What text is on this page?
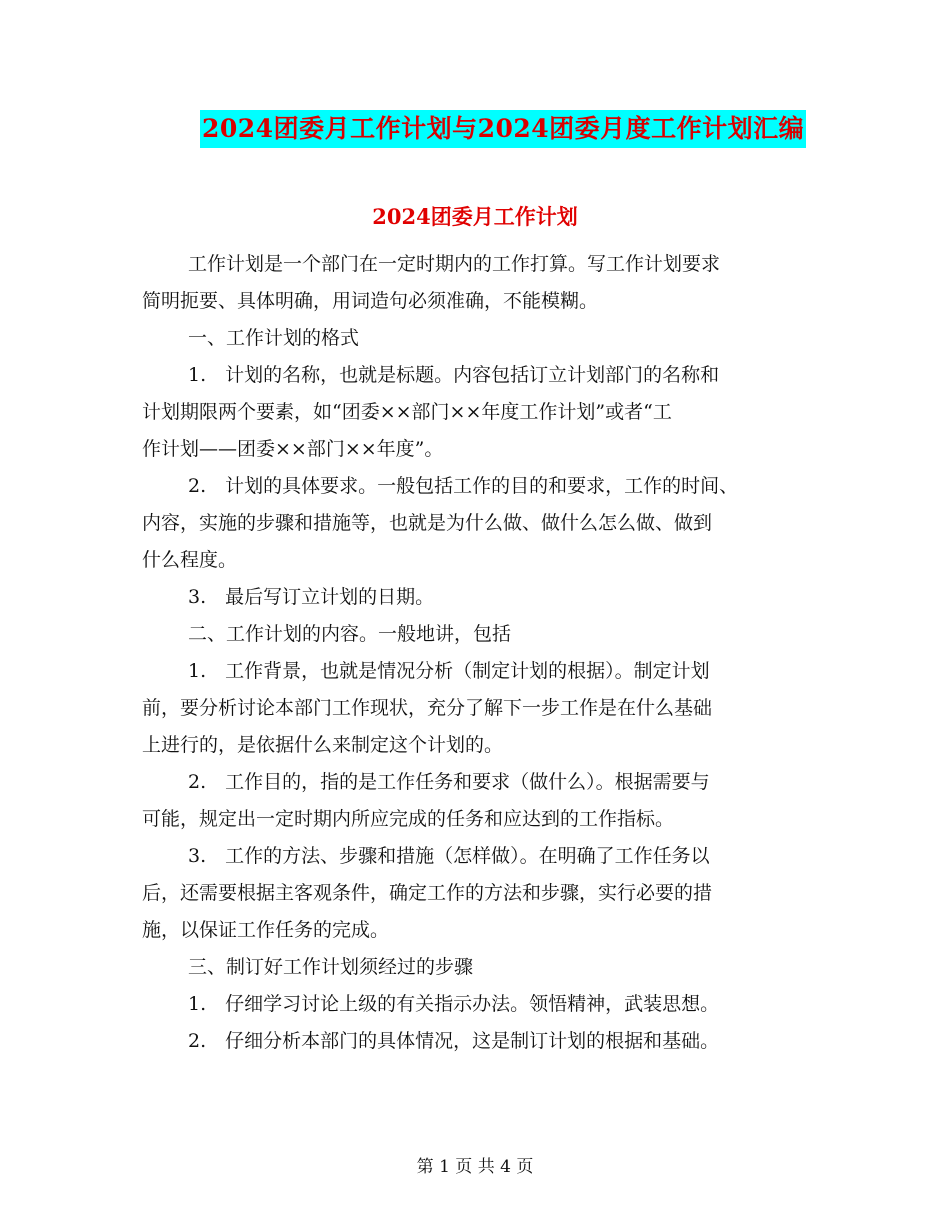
2024团委月工作计划与2024团委月度工作计划汇编
2024团委月工作计划
工作计划是一个部门在一定时期内的工作打算。写工作计划要求
简明扼要、具体明确，用词造句必须准确，不能模糊。
一、工作计划的格式
1.　计划的名称，也就是标题。内容包括订立计划部门的名称和
计划期限两个要素，如“团委××部门××年度工作计划”或者“工
作计划——团委××部门××年度”。
2.　计划的具体要求。一般包括工作的目的和要求，工作的时间、
内容，实施的步骤和措施等，也就是为什么做、做什么怎么做、做到
什么程度。
3.　最后写订立计划的日期。
二、工作计划的内容。一般地讲，包括
1.　工作背景，也就是情况分析（制定计划的根据）。制定计划
前，要分析讨论本部门工作现状，充分了解下一步工作是在什么基础
上进行的，是依据什么来制定这个计划的。
2.　工作目的，指的是工作任务和要求（做什么）。根据需要与
可能，规定出一定时期内所应完成的任务和应达到的工作指标。
3.　工作的方法、步骤和措施（怎样做）。在明确了工作任务以
后，还需要根据主客观条件，确定工作的方法和步骤，实行必要的措
施，以保证工作任务的完成。
三、制订好工作计划须经过的步骤
1.　仔细学习讨论上级的有关指示办法。领悟精神，武装思想。
2.　仔细分析本部门的具体情况，这是制订计划的根据和基础。
第 1 页 共 4 页
